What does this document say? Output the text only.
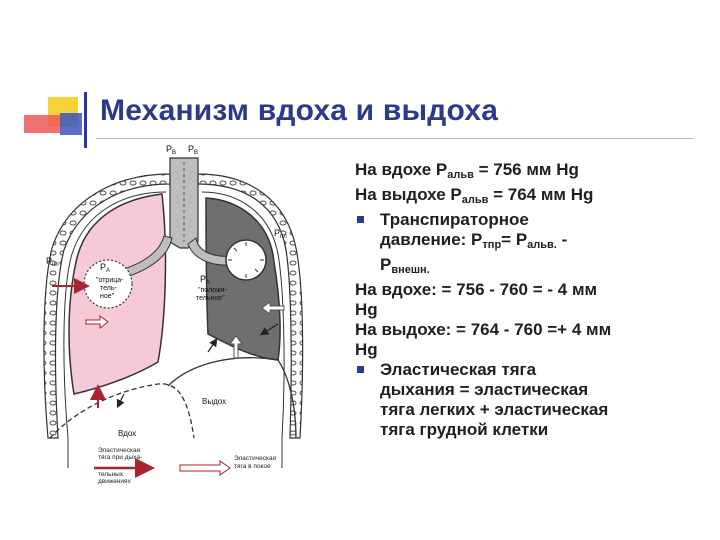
Механизм вдоха и выдоха
$P_B$ $P_B$
$P_{пл}$
$P_{пл}$
$P_A$
$P_A$
"отрица-
тель-
ное"
"положи-
тельное"
Вдох
Выдох
Эластическая
тяга при дыха-
тельных
движениях
Эластическая
тяга в покое
На вдохе $P_{альв} = 756$ мм Hg
На выдохе $P_{альв} = 764$ мм Hg
Транспираторное
давление: $P_{тпр}= P_{альв.}$ -
$P_{внешн.}$
На вдохе: = 756 - 760 = - 4 мм
Hg
На выдохе: = 764 - 760 =+ 4 мм
Hg
Эластическая тяга
дыхания = эластическая
тяга легких + эластическая
тяга грудной клетки
